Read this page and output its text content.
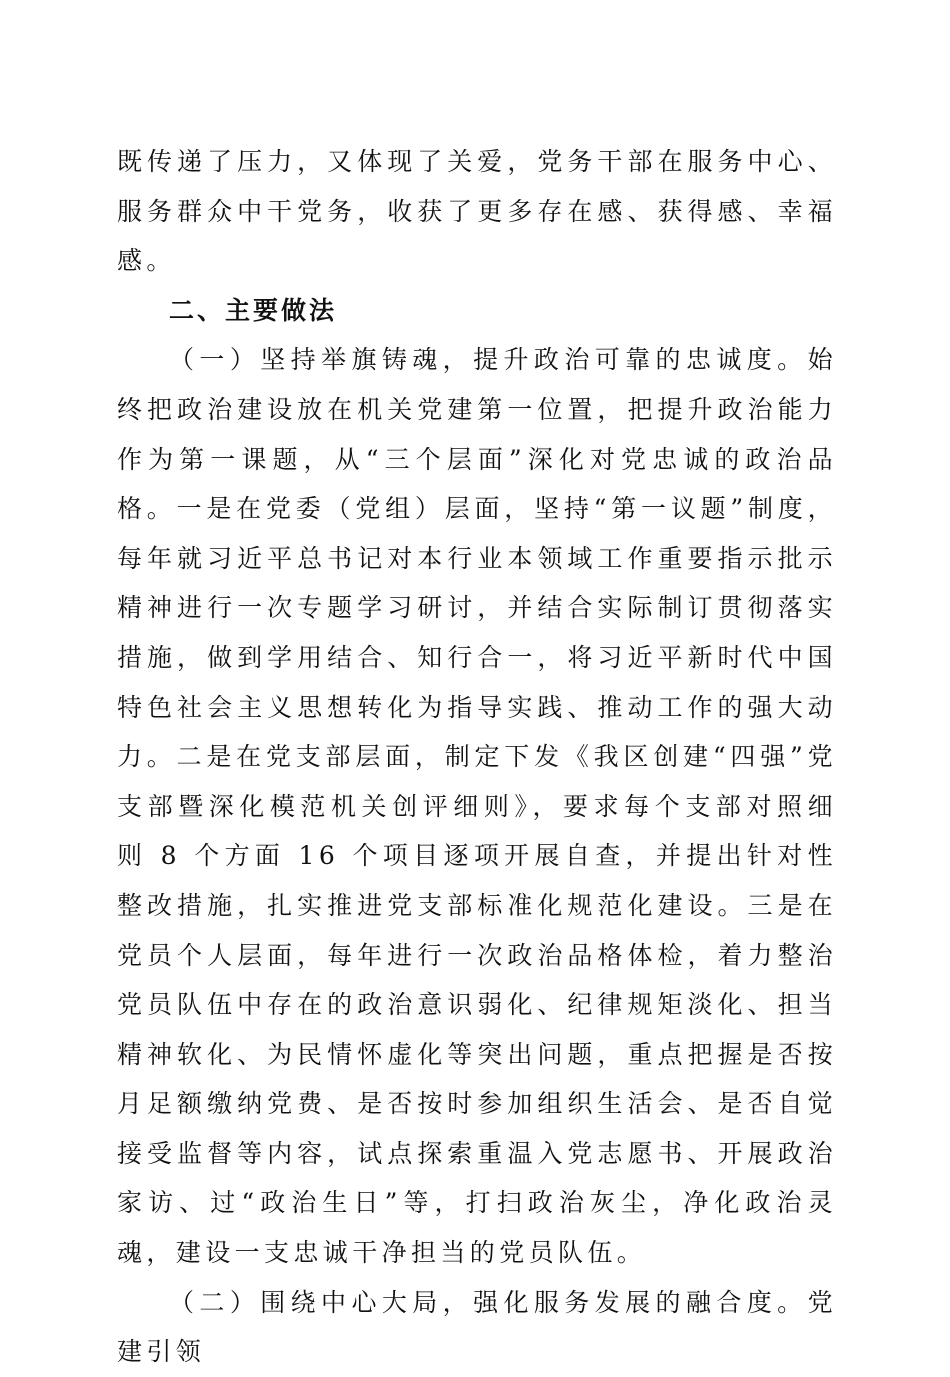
既传递了压力，又体现了关爱，党务干部在服务中心、服务群众中干党务，收获了更多存在感、获得感、幸福感。

二、主要做法

（一）坚持举旗铸魂，提升政治可靠的忠诚度。始终把政治建设放在机关党建第一位置，把提升政治能力作为第一课题，从“三个层面”深化对党忠诚的政治品格。一是在党委（党组）层面，坚持“第一议题”制度，每年就习近平总书记对本行业本领域工作重要指示批示精神进行一次专题学习研讨，并结合实际制订贯彻落实措施，做到学用结合、知行合一，将习近平新时代中国特色社会主义思想转化为指导实践、推动工作的强大动力。二是在党支部层面，制定下发《我区创建“四强”党支部暨深化模范机关创评细则》，要求每个支部对照细则 8 个方面 16 个项目逐项开展自查，并提出针对性整改措施，扎实推进党支部标准化规范化建设。三是在党员个人层面，每年进行一次政治品格体检，着力整治党员队伍中存在的政治意识弱化、纪律规矩淡化、担当精神软化、为民情怀虚化等突出问题，重点把握是否按月足额缴纳党费、是否按时参加组织生活会、是否自觉接受监督等内容，试点探索重温入党志愿书、开展政治家访、过“政治生日”等，打扫政治灰尘，净化政治灵魂，建设一支忠诚干净担当的党员队伍。

（二）围绕中心大局，强化服务发展的融合度。党建引领
